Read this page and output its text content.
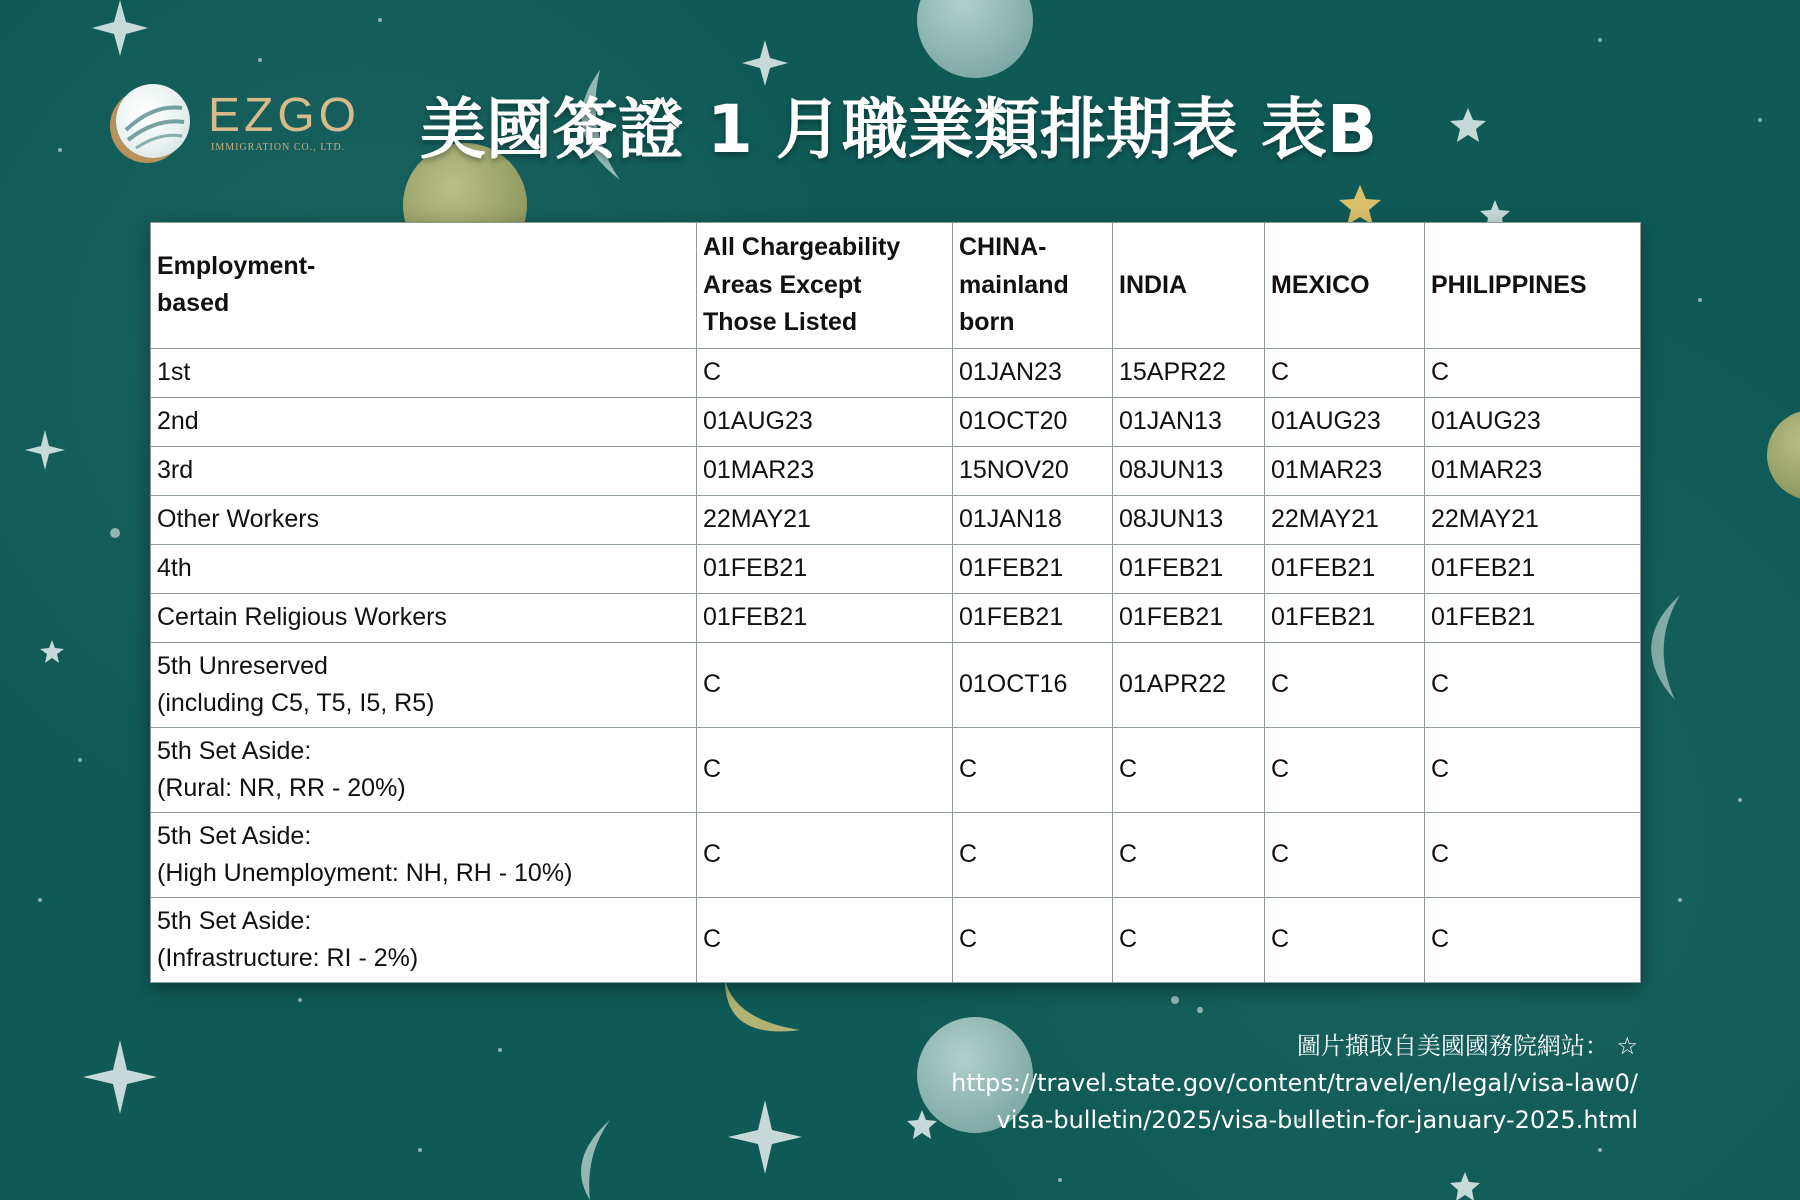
EZGO
IMMIGRATION CO., LTD. 美國簽證 1 月職業類排期表 表B
Employment-
based	All Chargeability
Areas Except
Those Listed	CHINA-
mainland
born	INDIA	MEXICO	PHILIPPINES
1st	C	01JAN23	15APR22	C	C
2nd	01AUG23	01OCT20	01JAN13	01AUG23	01AUG23
3rd	01MAR23	15NOV20	08JUN13	01MAR23	01MAR23
Other Workers	22MAY21	01JAN18	08JUN13	22MAY21	22MAY21
4th	01FEB21	01FEB21	01FEB21	01FEB21	01FEB21
Certain Religious Workers	01FEB21	01FEB21	01FEB21	01FEB21	01FEB21
5th Unreserved
(including C5, T5, I5, R5)	C	01OCT16	01APR22	C	C
5th Set Aside:
(Rural: NR, RR - 20%)	C	C	C	C	C
5th Set Aside:
(High Unemployment: NH, RH - 10%)	C	C	C	C	C
5th Set Aside:
(Infrastructure: RI - 2%)	C	C	C	C	C
圖片擷取自美國國務院網站： ☆
https://travel.state.gov/content/travel/en/legal/visa-law0/
visa-bulletin/2025/visa-bulletin-for-january-2025.html
